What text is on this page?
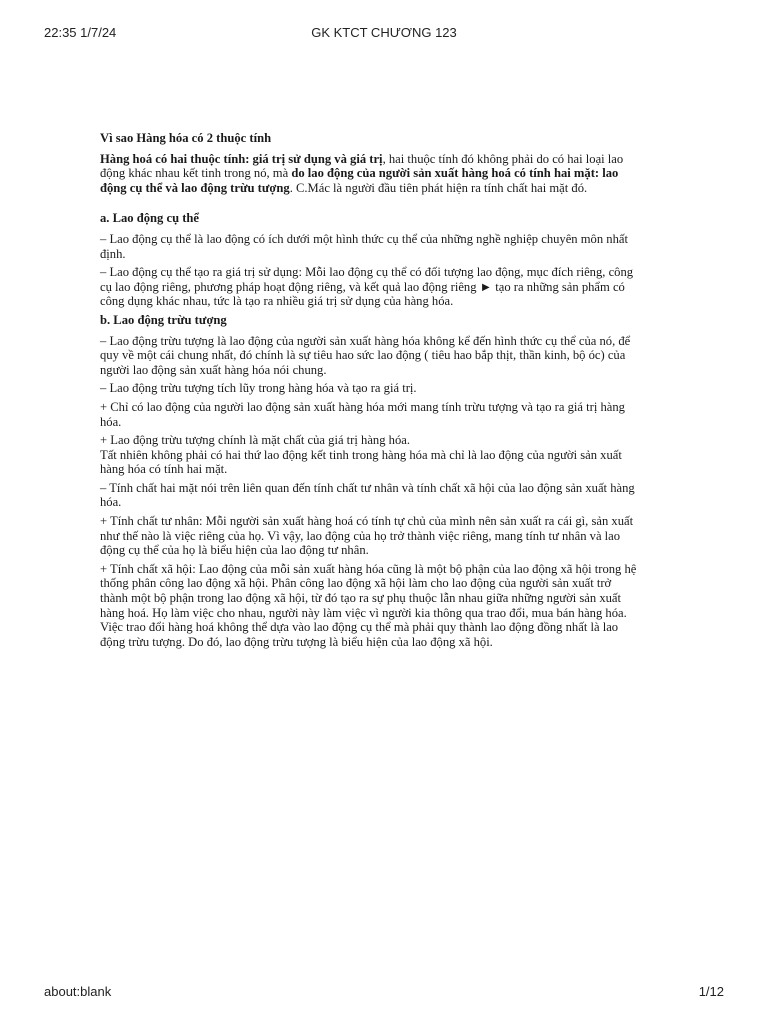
22:35 1/7/24	GK KTCT CHƯƠNG 123

Vì sao Hàng hóa có 2 thuộc tính

Hàng hoá có hai thuộc tính: giá trị sử dụng và giá trị, hai thuộc tính đó không phải do có hai loại lao động khác nhau kết tinh trong nó, mà do lao động của người sản xuất hàng hoá có tính hai mặt: lao động cụ thể và lao động trừu tượng. C.Mác là người đầu tiên phát hiện ra tính chất hai mặt đó.

a. Lao động cụ thể

– Lao động cụ thể là lao động có ích dưới một hình thức cụ thể của những nghề nghiệp chuyên môn nhất định.

– Lao động cụ thể tạo ra giá trị sử dụng: Mỗi lao động cụ thể có đối tượng lao động, mục đích riêng, công cụ lao động riêng, phương pháp hoạt động riêng, và kết quả lao động riêng ► tạo ra những sản phẩm có công dụng khác nhau, tức là tạo ra nhiều giá trị sử dụng của hàng hóa.

b. Lao động trừu tượng

– Lao động trừu tượng là lao động của người sản xuất hàng hóa không kể đến hình thức cụ thể của nó, để quy về một cái chung nhất, đó chính là sự tiêu hao sức lao động ( tiêu hao bắp thịt, thần kinh, bộ óc) của người lao động sản xuất hàng hóa nói chung.

– Lao động trừu tượng tích lũy trong hàng hóa và tạo ra giá trị.

+ Chỉ có lao động của người lao động sản xuất hàng hóa mới mang tính trừu tượng và tạo ra giá trị hàng hóa.

+ Lao động trừu tượng chính là mặt chất của giá trị hàng hóa.

Tất nhiên không phải có hai thứ lao động kết tinh trong hàng hóa mà chỉ là lao động của người sản xuất hàng hóa có tính hai mặt.

– Tính chất hai mặt nói trên liên quan đến tính chất tư nhân và tính chất xã hội của lao động sản xuất hàng hóa.

+ Tính chất tư nhân: Mỗi người sản xuất hàng hoá có tính tự chủ của mình nên sản xuất ra cái gì, sản xuất như thế nào là việc riêng của họ. Vì vậy, lao động của họ trở thành việc riêng, mang tính tư nhân và lao động cụ thể của họ là biểu hiện của lao động tư nhân.

+ Tính chất xã hội: Lao động của mỗi sản xuất hàng hóa cũng là một bộ phận của lao động xã hội trong hệ thống phân công lao động xã hội. Phân công lao động xã hội làm cho lao động của người sản xuất trở thành một bộ phận trong lao động xã hội, từ đó tạo ra sự phụ thuộc lẫn nhau giữa những người sản xuất hàng hoá. Họ làm việc cho nhau, người này làm việc vì người kia thông qua trao đổi, mua bán hàng hóa. Việc trao đổi hàng hoá không thể dựa vào lao động cụ thể mà phải quy thành lao động đồng nhất là lao động trừu tượng. Do đó, lao động trừu tượng là biểu hiện của lao động xã hội.

about:blank	1/12
